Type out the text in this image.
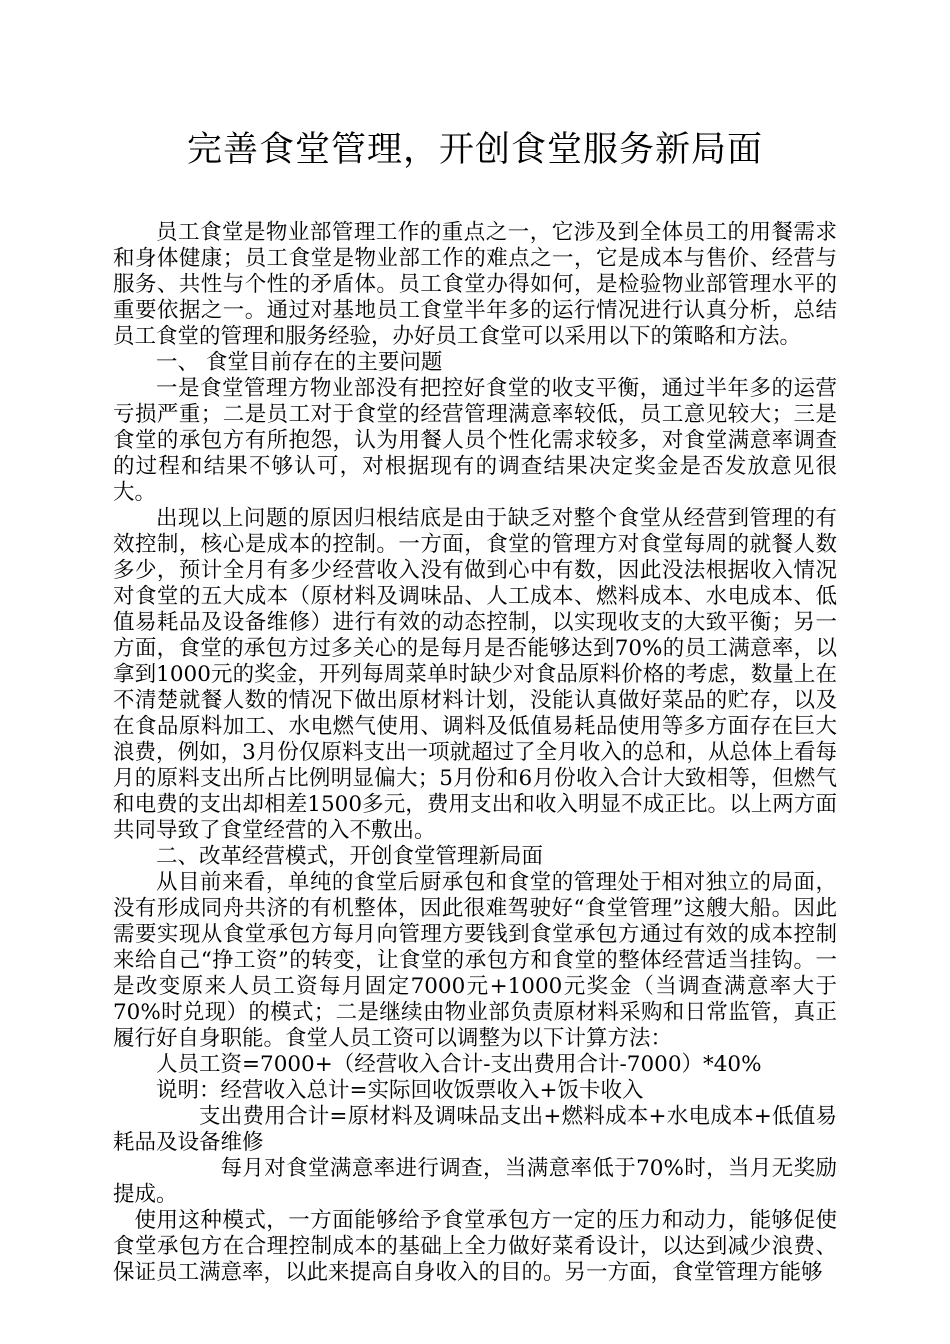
完善食堂管理，开创食堂服务新局面

员工食堂是物业部管理工作的重点之一，它涉及到全体员工的用餐需求和身体健康；员工食堂是物业部工作的难点之一，它是成本与售价、经营与服务、共性与个性的矛盾体。员工食堂办得如何，是检验物业部管理水平的重要依据之一。通过对基地员工食堂半年多的运行情况进行认真分析，总结员工食堂的管理和服务经验，办好员工食堂可以采用以下的策略和方法。

一、 食堂目前存在的主要问题

一是食堂管理方物业部没有把控好食堂的收支平衡，通过半年多的运营亏损严重；二是员工对于食堂的经营管理满意率较低，员工意见较大；三是食堂的承包方有所抱怨，认为用餐人员个性化需求较多，对食堂满意率调查的过程和结果不够认可，对根据现有的调查结果决定奖金是否发放意见很大。

出现以上问题的原因归根结底是由于缺乏对整个食堂从经营到管理的有效控制，核心是成本的控制。一方面，食堂的管理方对食堂每周的就餐人数多少，预计全月有多少经营收入没有做到心中有数，因此没法根据收入情况对食堂的五大成本（原材料及调味品、人工成本、燃料成本、水电成本、低值易耗品及设备维修）进行有效的动态控制，以实现收支的大致平衡；另一方面，食堂的承包方过多关心的是每月是否能够达到70%的员工满意率，以拿到1000元的奖金，开列每周菜单时缺少对食品原料价格的考虑，数量上在不清楚就餐人数的情况下做出原材料计划，没能认真做好菜品的贮存，以及在食品原料加工、水电燃气使用、调料及低值易耗品使用等多方面存在巨大浪费，例如，3月份仅原料支出一项就超过了全月收入的总和，从总体上看每月的原料支出所占比例明显偏大；5月份和6月份收入合计大致相等，但燃气和电费的支出却相差1500多元，费用支出和收入明显不成正比。以上两方面共同导致了食堂经营的入不敷出。

二、改革经营模式，开创食堂管理新局面

从目前来看，单纯的食堂后厨承包和食堂的管理处于相对独立的局面，没有形成同舟共济的有机整体，因此很难驾驶好“食堂管理”这艘大船。因此需要实现从食堂承包方每月向管理方要钱到食堂承包方通过有效的成本控制来给自己“挣工资”的转变，让食堂的承包方和食堂的整体经营适当挂钩。一是改变原来人员工资每月固定7000元+1000元奖金（当调查满意率大于70%时兑现）的模式；二是继续由物业部负责原材料采购和日常监管，真正履行好自身职能。食堂人员工资可以调整为以下计算方法：

人员工资=7000+（经营收入合计-支出费用合计-7000）*40%

说明：经营收入总计=实际回收饭票收入+饭卡收入

支出费用合计=原材料及调味品支出+燃料成本+水电成本+低值易耗品及设备维修

每月对食堂满意率进行调查，当满意率低于70%时，当月无奖励提成。

使用这种模式，一方面能够给予食堂承包方一定的压力和动力，能够促使食堂承包方在合理控制成本的基础上全力做好菜肴设计，以达到减少浪费、保证员工满意率，以此来提高自身收入的目的。另一方面，食堂管理方能够
